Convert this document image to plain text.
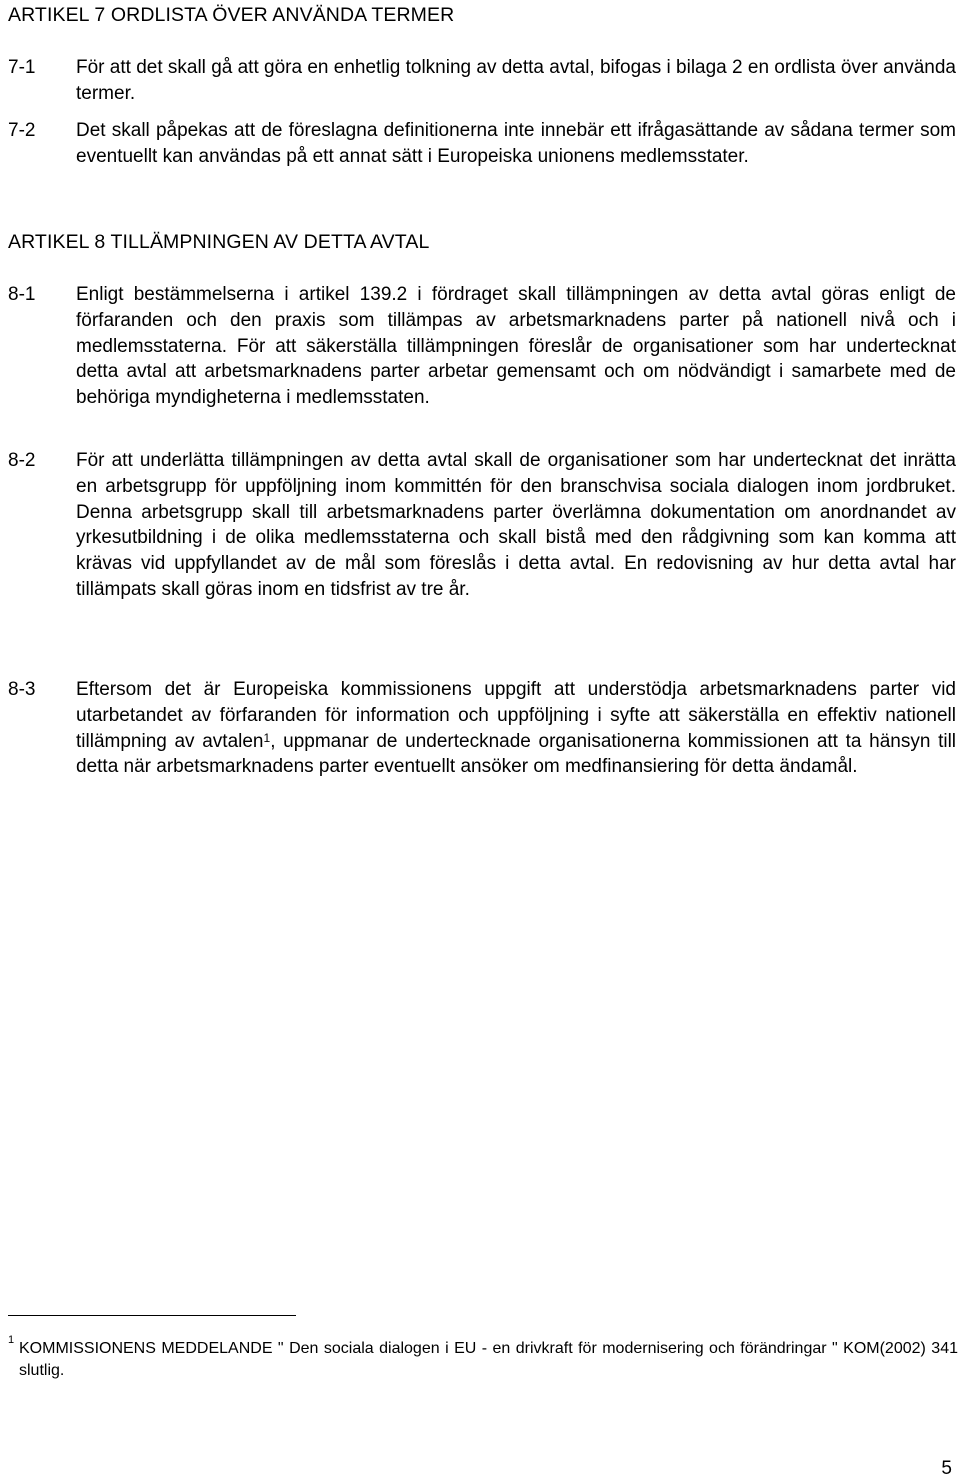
ARTIKEL 7 ORDLISTA ÖVER ANVÄNDA TERMER
7-1 För att det skall gå att göra en enhetlig tolkning av detta avtal, bifogas i bilaga 2 en ordlista över använda termer.
7-2 Det skall påpekas att de föreslagna definitionerna inte innebär ett ifrågasättande av sådana termer som eventuellt kan användas på ett annat sätt i Europeiska unionens medlemsstater.
ARTIKEL 8 TILLÄMPNINGEN AV DETTA AVTAL
8-1 Enligt bestämmelserna i artikel 139.2 i fördraget skall tillämpningen av detta avtal göras enligt de förfaranden och den praxis som tillämpas av arbetsmarknadens parter på nationell nivå och i medlemsstaterna. För att säkerställa tillämpningen föreslår de organisationer som har undertecknat detta avtal att arbetsmarknadens parter arbetar gemensamt och om nödvändigt i samarbete med de behöriga myndigheterna i medlemsstaten.
8-2 För att underlätta tillämpningen av detta avtal skall de organisationer som har undertecknat det inrätta en arbetsgrupp för uppföljning inom kommittén för den branschvisa sociala dialogen inom jordbruket. Denna arbetsgrupp skall till arbetsmarknadens parter överlämna dokumentation om anordnandet av yrkesutbildning i de olika medlemsstaterna och skall bistå med den rådgivning som kan komma att krävas vid uppfyllandet av de mål som föreslås i detta avtal. En redovisning av hur detta avtal har tillämpats skall göras inom en tidsfrist av tre år.
8-3 Eftersom det är Europeiska kommissionens uppgift att understödja arbetsmarknadens parter vid utarbetandet av förfaranden för information och uppföljning i syfte att säkerställa en effektiv nationell tillämpning av avtalen$^1$, uppmanar de undertecknade organisationerna kommissionen att ta hänsyn till detta när arbetsmarknadens parter eventuellt ansöker om medfinansiering för detta ändamål.
1 KOMMISSIONENS MEDDELANDE " Den sociala dialogen i EU - en drivkraft för modernisering och förändringar " KOM(2002) 341 slutlig.
5
